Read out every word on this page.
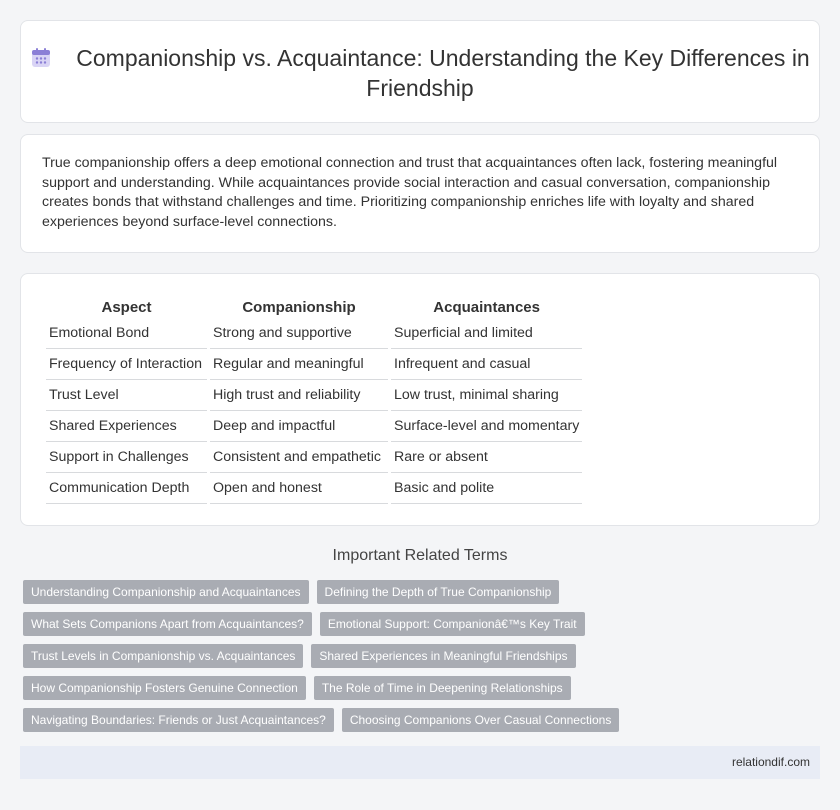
Companionship vs. Acquaintance: Understanding the Key Differences in Friendship

True companionship offers a deep emotional connection and trust that acquaintances often lack, fostering meaningful support and understanding. While acquaintances provide social interaction and casual conversation, companionship creates bonds that withstand challenges and time. Prioritizing companionship enriches life with loyalty and shared experiences beyond surface-level connections.

Aspect	Companionship	Acquaintances
Emotional Bond	Strong and supportive	Superficial and limited
Frequency of Interaction	Regular and meaningful	Infrequent and casual
Trust Level	High trust and reliability	Low trust, minimal sharing
Shared Experiences	Deep and impactful	Surface-level and momentary
Support in Challenges	Consistent and empathetic	Rare or absent
Communication Depth	Open and honest	Basic and polite
Important Related Terms
Understanding Companionship and Acquaintances	Defining the Depth of True Companionship
What Sets Companions Apart from Acquaintances?	Emotional Support: Companionâ€™s Key Trait
Trust Levels in Companionship vs. Acquaintances	Shared Experiences in Meaningful Friendships
How Companionship Fosters Genuine Connection	The Role of Time in Deepening Relationships
Navigating Boundaries: Friends or Just Acquaintances?	Choosing Companions Over Casual Connections
relationdif.com
